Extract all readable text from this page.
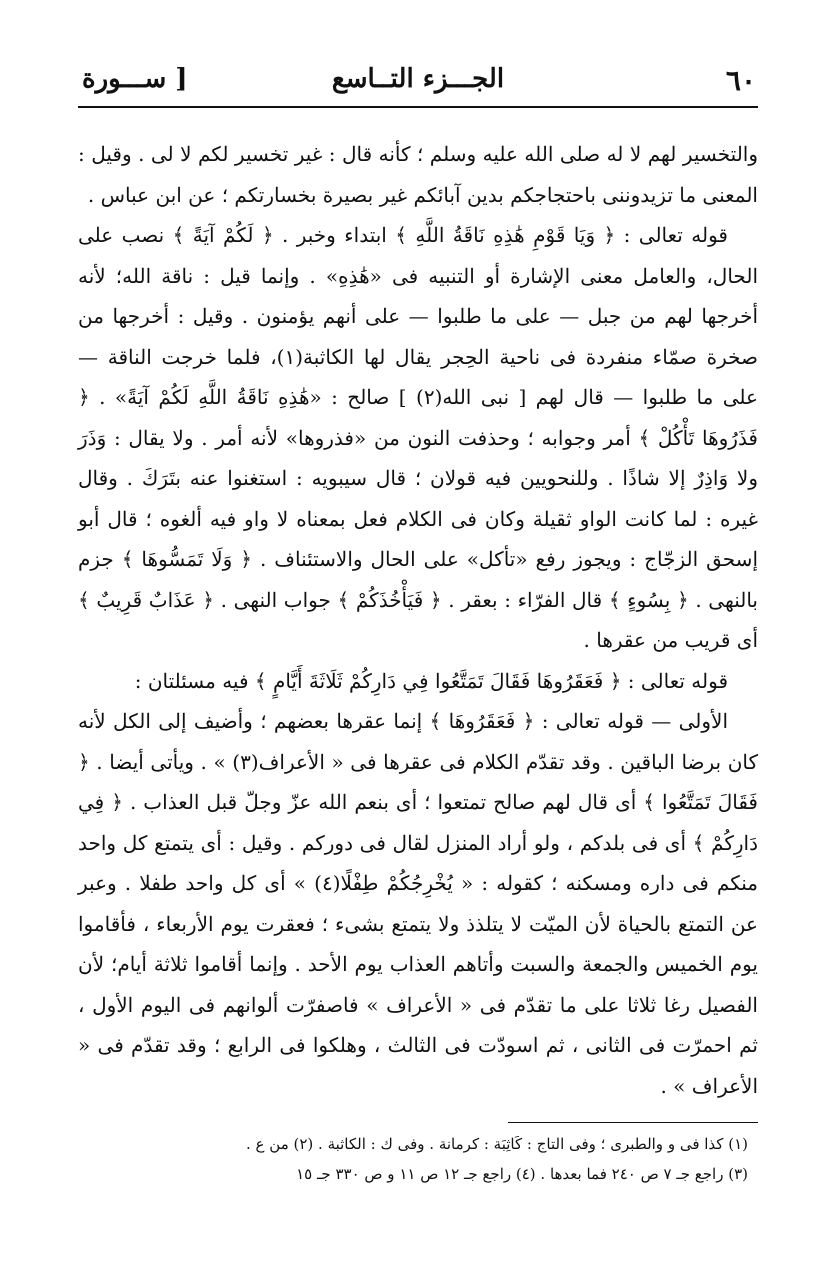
٦٠
الجـــزء التــاسع
[ ســـورة

والتخسير لهم لا له صلى الله عليه وسلم ؛ كأنه قال : غير تخسير لكم لا لى . وقيل : المعنى ما تزيدوننى باحتجاجكم بدين آبائكم غير بصيرة بخسارتكم ؛ عن ابن عباس .

قوله تعالى : ﴿ وَيَا قَوْمِ هَٰذِهِ نَاقَةُ اللَّهِ ﴾ ابتداء وخبر . ﴿ لَكُمْ آيَةً ﴾ نصب على الحال، والعامل معنى الإشارة أو التنبيه فى «هَٰذِهِ» . وإنما قيل : ناقة الله؛ لأنه أخرجها لهم من جبل — على ما طلبوا — على أنهم يؤمنون . وقيل : أخرجها من صخرة صمّاء منفردة فى ناحية الحِجر يقال لها الكاثبة(١)، فلما خرجت الناقة — على ما طلبوا — قال لهم [ نبى الله(٢) ] صالح : «هَٰذِهِ نَاقَةُ اللَّهِ لَكُمْ آيَةً» . ﴿ فَذَرُوهَا تَأْكُلْ ﴾ أمر وجوابه ؛ وحذفت النون من «فذروها» لأنه أمر . ولا يقال : وَذَرَ ولا وَاذِرٌ إلا شاذًا . وللنحويين فيه قولان ؛ قال سيبويه : استغنوا عنه بتَرَكَ . وقال غيره : لما كانت الواو ثقيلة وكان فى الكلام فعل بمعناه لا واو فيه ألغوه ؛ قال أبو إسحق الزجّاج : ويجوز رفع «تأكل» على الحال والاستئناف . ﴿ وَلَا تَمَسُّوهَا ﴾ جزم بالنهى . ﴿ بِسُوءٍ ﴾ قال الفرّاء : بعقر . ﴿ فَيَأْخُذَكُمْ ﴾ جواب النهى . ﴿ عَذَابٌ قَرِيبٌ ﴾ أى قريب من عقرها .

قوله تعالى : ﴿ فَعَقَرُوهَا فَقَالَ تَمَتَّعُوا فِي دَارِكُمْ ثَلَاثَةَ أَيَّامٍ ﴾ فيه مسئلتان :

الأولى — قوله تعالى : ﴿ فَعَقَرُوهَا ﴾ إنما عقرها بعضهم ؛ وأضيف إلى الكل لأنه كان برضا الباقين . وقد تقدّم الكلام فى عقرها فى « الأعراف(٣) » . ويأتى أيضا . ﴿ فَقَالَ تَمَتَّعُوا ﴾ أى قال لهم صالح تمتعوا ؛ أى بنعم الله عزّ وجلّ قبل العذاب . ﴿ فِي دَارِكُمْ ﴾ أى فى بلدكم ، ولو أراد المنزل لقال فى دوركم . وقيل : أى يتمتع كل واحد منكم فى داره ومسكنه ؛ كقوله : « يُخْرِجُكُمْ طِفْلًا(٤) » أى كل واحد طفلا . وعبر عن التمتع بالحياة لأن الميّت لا يتلذذ ولا يتمتع بشىء ؛ فعقرت يوم الأربعاء ، فأقاموا يوم الخميس والجمعة والسبت وأتاهم العذاب يوم الأحد . وإنما أقاموا ثلاثة أيام؛ لأن الفصيل رغا ثلاثا على ما تقدّم فى « الأعراف » فاصفرّت ألوانهم فى اليوم الأول ، ثم احمرّت فى الثانى ، ثم اسودّت فى الثالث ، وهلكوا فى الرابع ؛ وقد تقدّم فى « الأعراف » .

(١) كذا فى و والطبرى ؛ وفى التاج : كَاثِبَة : كرمانة . وفى ك : الكاثبة . (٢) من ع .

(٣) راجع جـ ٧ ص ٢٤٠ فما بعدها . (٤) راجع جـ ١٢ ص ١١ و ص ٣٣٠ جـ ١٥
